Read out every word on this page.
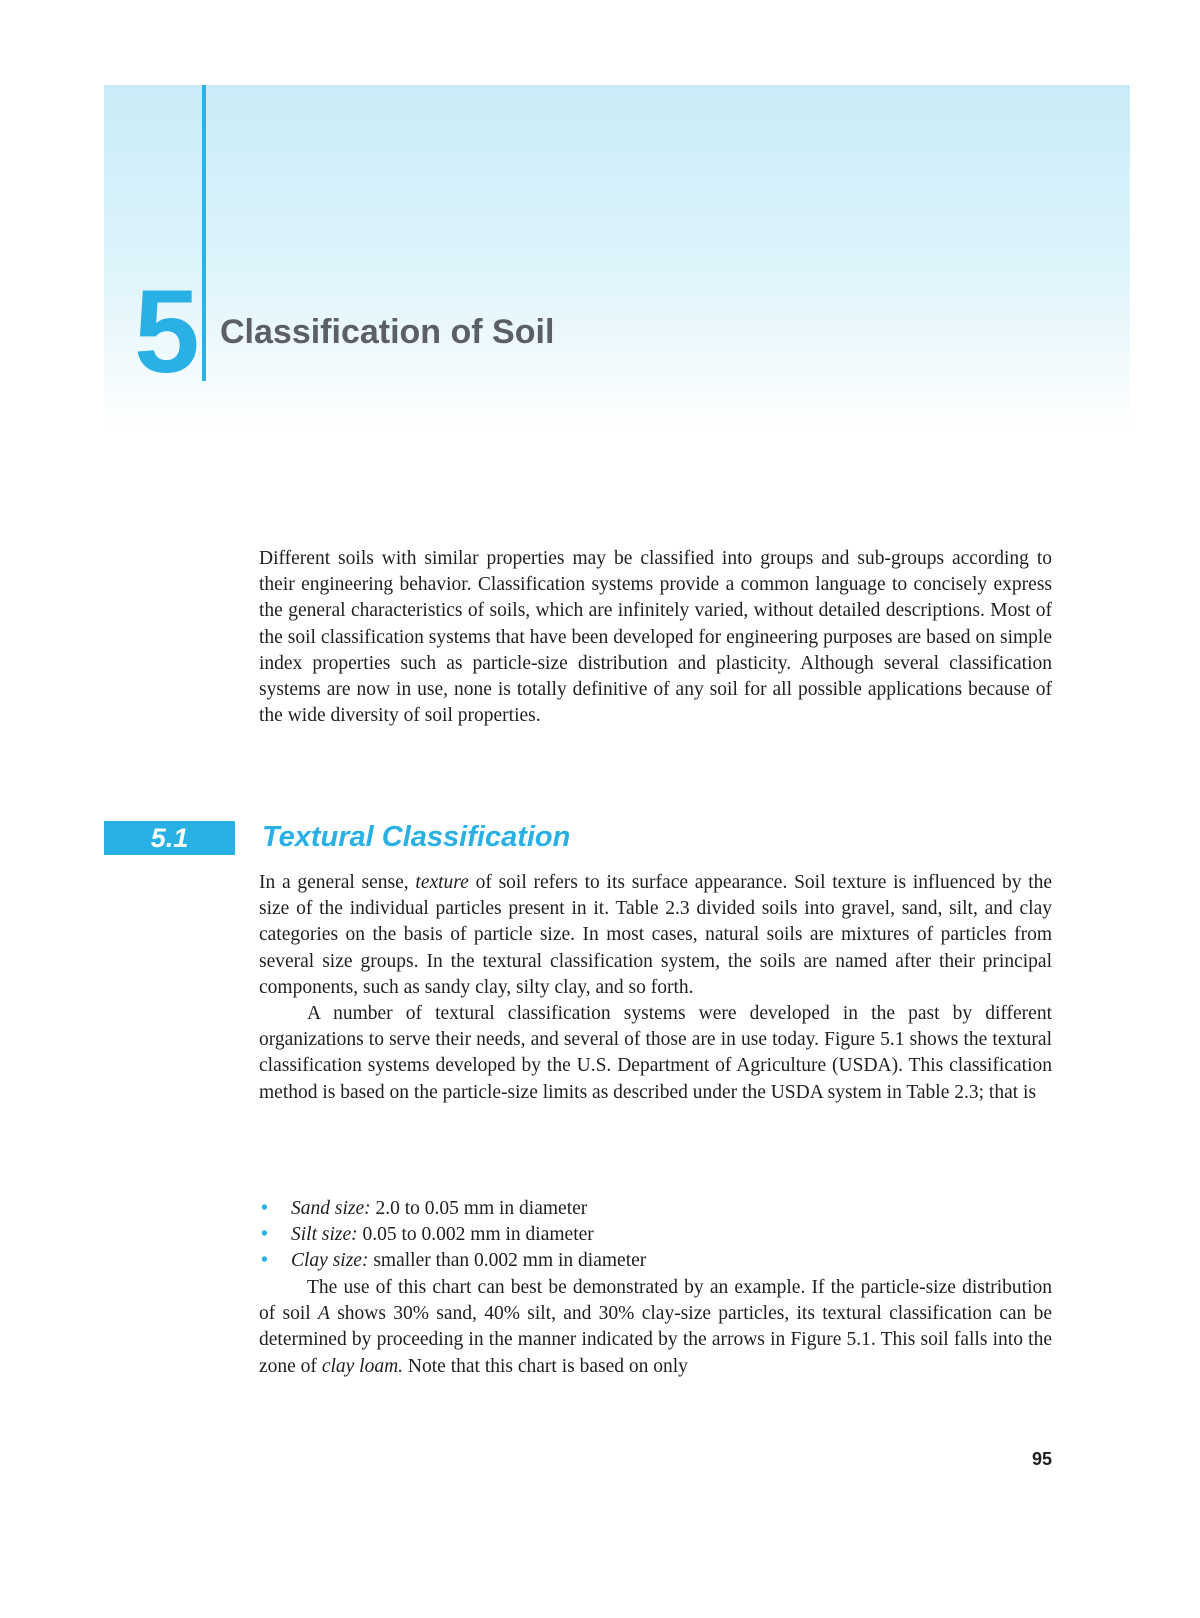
5 Classification of Soil

Different soils with similar properties may be classified into groups and sub-groups according to their engineering behavior. Classification systems provide a common language to concisely express the general characteristics of soils, which are infinitely varied, without detailed descriptions. Most of the soil classification systems that have been developed for engineering purposes are based on simple index properties such as particle-size distribution and plasticity. Although several classification systems are now in use, none is totally definitive of any soil for all possible applications because of the wide diversity of soil properties.

5.1	Textural Classification

In a general sense, texture of soil refers to its surface appearance. Soil texture is influenced by the size of the individual particles present in it. Table 2.3 divided soils into gravel, sand, silt, and clay categories on the basis of particle size. In most cases, natural soils are mixtures of particles from several size groups. In the textural classification system, the soils are named after their principal components, such as sandy clay, silty clay, and so forth.

A number of textural classification systems were developed in the past by different organizations to serve their needs, and several of those are in use today. Figure 5.1 shows the textural classification systems developed by the U.S. Department of Agriculture (USDA). This classification method is based on the particle-size limits as described under the USDA system in Table 2.3; that is

• Sand size: 2.0 to 0.05 mm in diameter
• Silt size: 0.05 to 0.002 mm in diameter
• Clay size: smaller than 0.002 mm in diameter

The use of this chart can best be demonstrated by an example. If the particle-size distribution of soil A shows 30% sand, 40% silt, and 30% clay-size particles, its textural classification can be determined by proceeding in the manner indicated by the arrows in Figure 5.1. This soil falls into the zone of clay loam. Note that this chart is based on only

95
